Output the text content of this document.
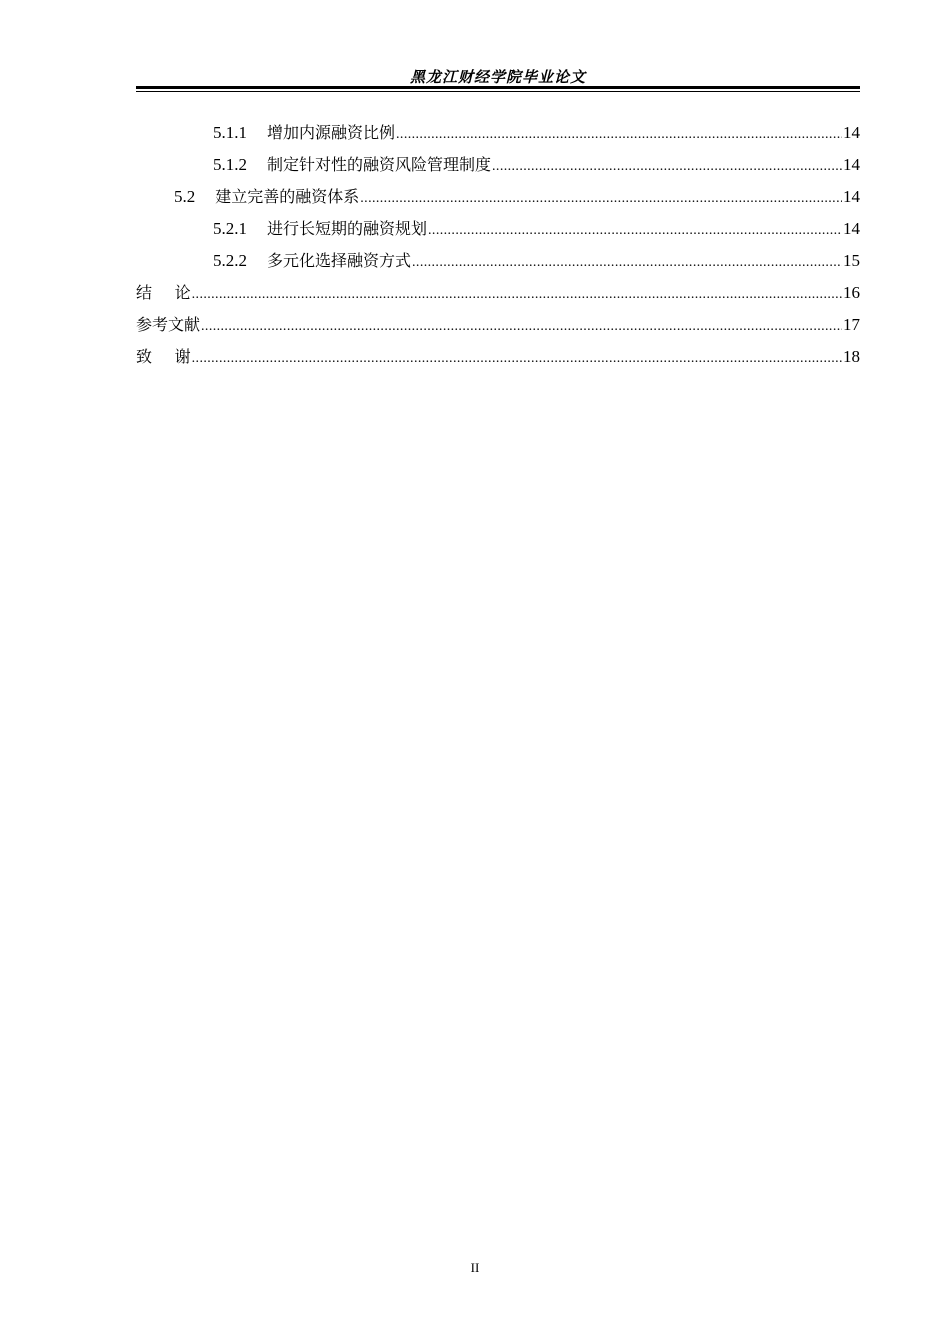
黑龙江财经学院毕业论文
5.1.1 增加内源融资比例 .....	14
5.1.2 制定针对性的融资风险管理制度 .....	14
5.2 建立完善的融资体系 .....	14
5.2.1 进行长短期的融资规划 .....	14
5.2.2 多元化选择融资方式 .....	15
结 论 .....	16
参考文献 .....	17
致 谢 .....	18
II
